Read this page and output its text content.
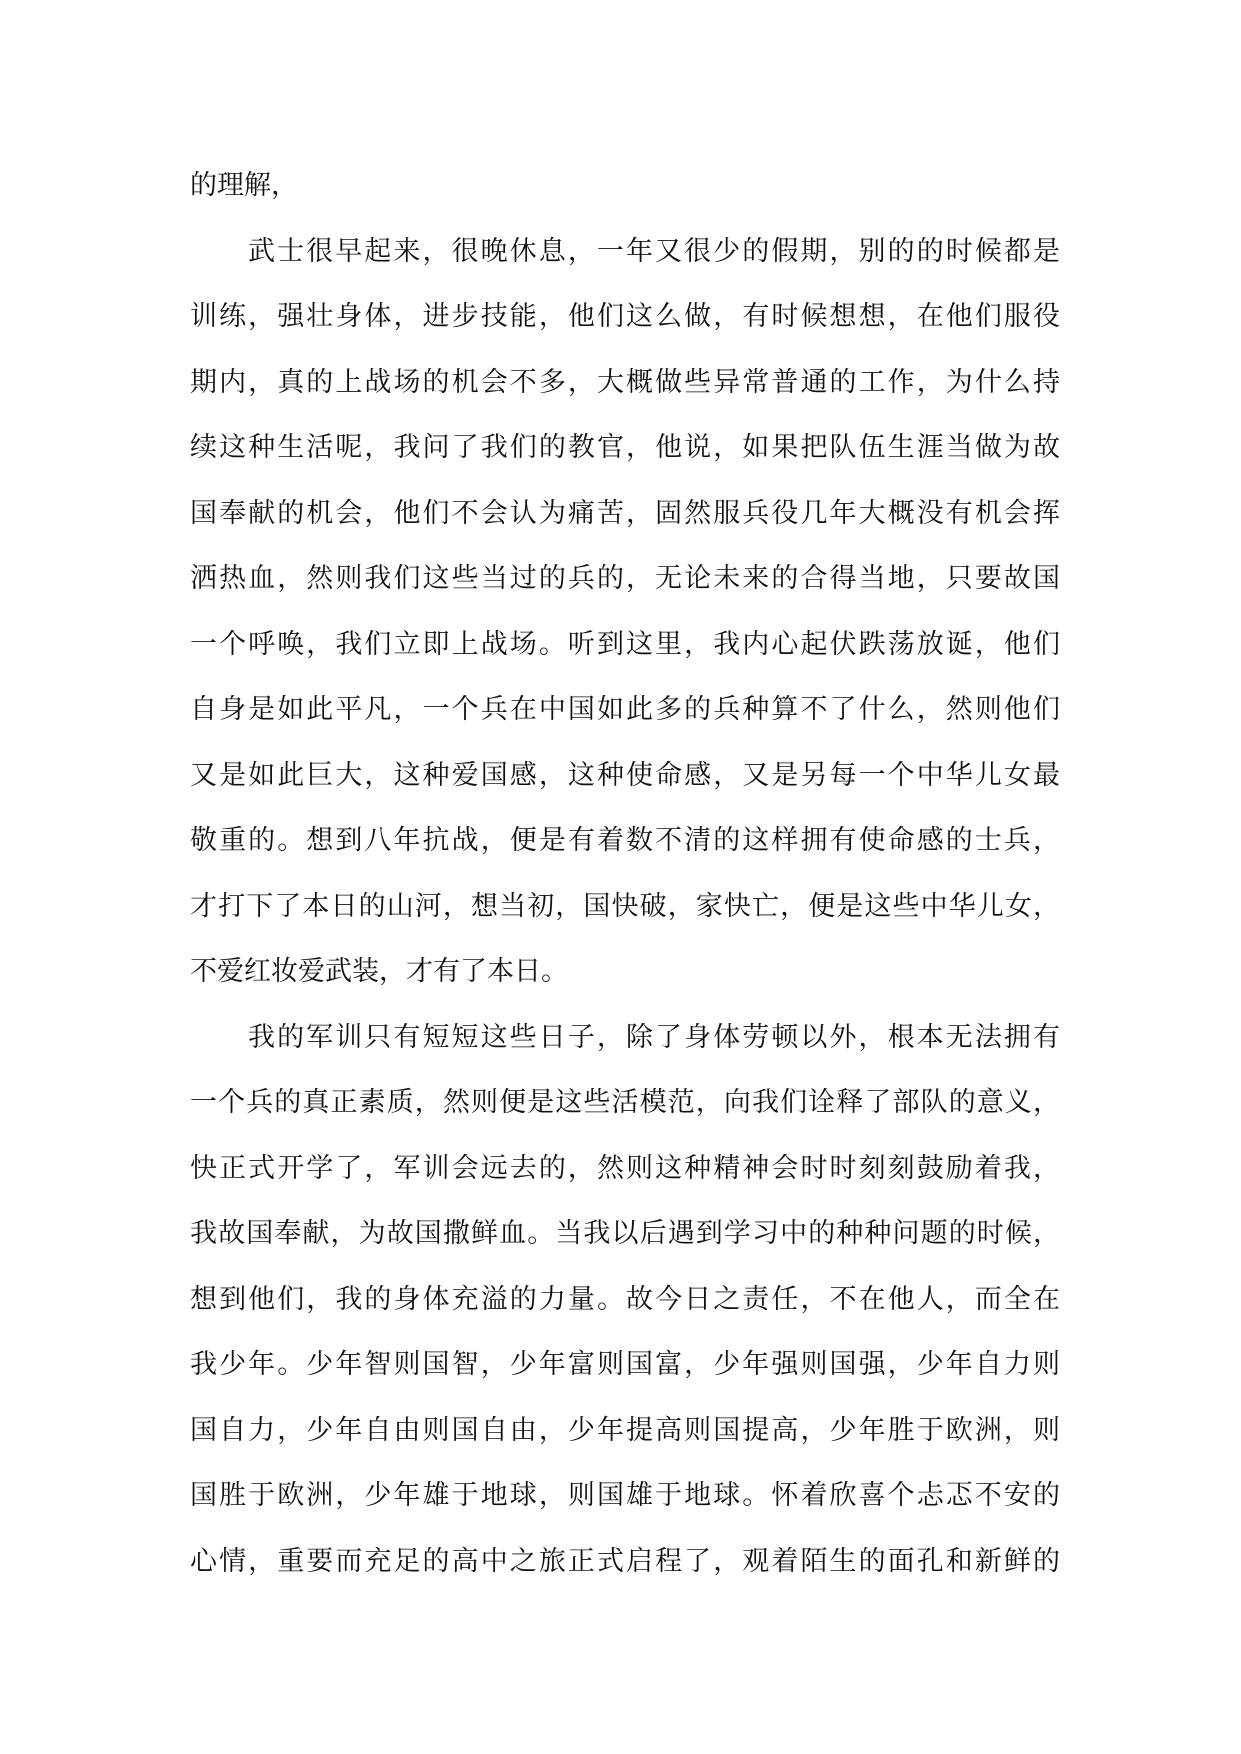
的理解，
武士很早起来，很晚休息，一年又很少的假期，别的的时候都是
训练，强壮身体，进步技能，他们这么做，有时候想想，在他们服役
期内，真的上战场的机会不多，大概做些异常普通的工作，为什么持
续这种生活呢，我问了我们的教官，他说，如果把队伍生涯当做为故
国奉献的机会，他们不会认为痛苦，固然服兵役几年大概没有机会挥
洒热血，然则我们这些当过的兵的，无论未来的合得当地，只要故国
一个呼唤，我们立即上战场。听到这里，我内心起伏跌荡放诞，他们
自身是如此平凡，一个兵在中国如此多的兵种算不了什么，然则他们
又是如此巨大，这种爱国感，这种使命感，又是另每一个中华儿女最
敬重的。想到八年抗战，便是有着数不清的这样拥有使命感的士兵，
才打下了本日的山河，想当初，国快破，家快亡，便是这些中华儿女，
不爱红妆爱武装，才有了本日。
我的军训只有短短这些日子，除了身体劳顿以外，根本无法拥有
一个兵的真正素质，然则便是这些活模范，向我们诠释了部队的意义，
快正式开学了，军训会远去的，然则这种精神会时时刻刻鼓励着我，
我故国奉献，为故国撒鲜血。当我以后遇到学习中的种种问题的时候，
想到他们，我的身体充溢的力量。故今日之责任，不在他人，而全在
我少年。少年智则国智，少年富则国富，少年强则国强，少年自力则
国自力，少年自由则国自由，少年提高则国提高，少年胜于欧洲，则
国胜于欧洲，少年雄于地球，则国雄于地球。怀着欣喜个忐忑不安的
心情，重要而充足的高中之旅正式启程了，观着陌生的面孔和新鲜的
